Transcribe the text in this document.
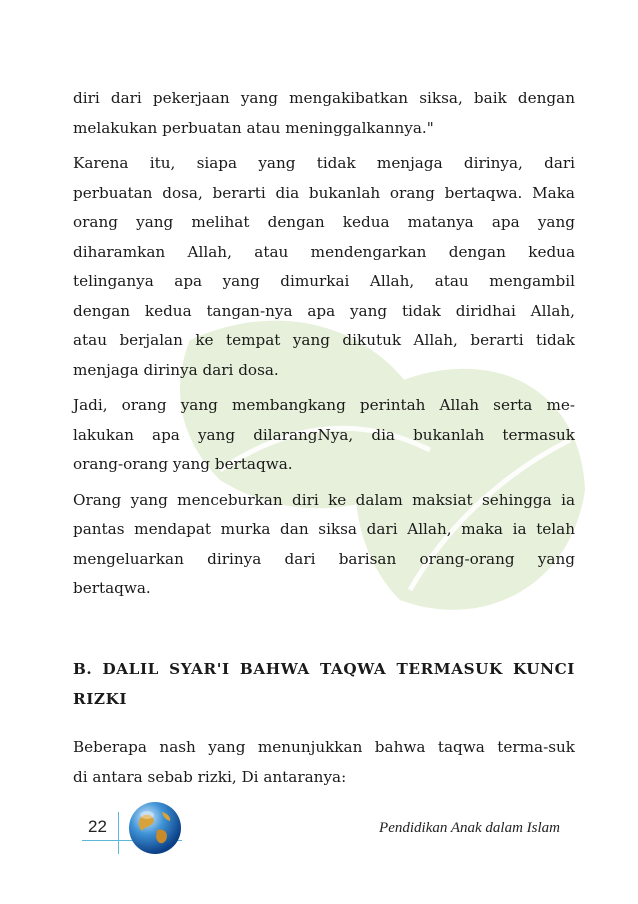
diri dari pekerjaan yang mengakibatkan siksa, baik dengan
melakukan perbuatan atau meninggalkannya."

Karena itu, siapa yang tidak menjaga dirinya, dari
perbuatan dosa, berarti dia bukanlah orang bertaqwa. Maka
orang yang melihat dengan kedua matanya apa yang
diharamkan Allah, atau mendengarkan dengan kedua
telinganya apa yang dimurkai Allah, atau mengambil
dengan kedua tangan-nya apa yang tidak diridhai Allah,
atau berjalan ke tempat yang dikutuk Allah, berarti tidak
menjaga dirinya dari dosa.

Jadi, orang yang membangkang perintah Allah serta me-
lakukan apa yang dilarangNya, dia bukanlah termasuk
orang-orang yang bertaqwa.

Orang yang menceburkan diri ke dalam maksiat sehingga ia
pantas mendapat murka dan siksa dari Allah, maka ia telah
mengeluarkan dirinya dari barisan orang-orang yang
bertaqwa.

B. DALIL SYAR'I BAHWA TAQWA TERMASUK KUNCI
RIZKI
Beberapa nash yang menunjukkan bahwa taqwa terma-suk
di antara sebab rizki, Di antaranya:
22	Pendidikan Anak dalam Islam
